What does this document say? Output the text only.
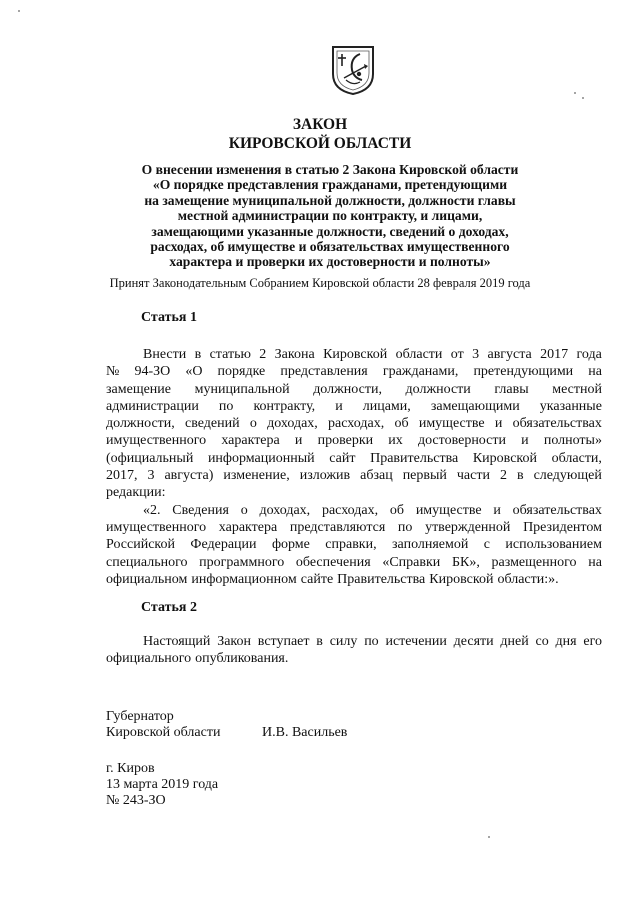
ЗАКОН
КИРОВСКОЙ ОБЛАСТИ
О внесении изменения в статью 2 Закона Кировской области
«О порядке представления гражданами, претендующими
на замещение муниципальной должности, должности главы
местной администрации по контракту, и лицами,
замещающими указанные должности, сведений о доходах,
расходах, об имуществе и обязательствах имущественного
характера и проверки их достоверности и полноты»
Принят Законодательным Собранием Кировской области 28 февраля 2019 года
Статья 1
Внести в статью 2 Закона Кировской области от 3 августа 2017 года
№ 94-ЗО «О порядке представления гражданами, претендующими на
замещение муниципальной должности, должности главы местной
администрации по контракту, и лицами, замещающими указанные
должности, сведений о доходах, расходах, об имуществе и обязательствах
имущественного характера и проверки их достоверности и полноты»
(официальный информационный сайт Правительства Кировской области,
2017, 3 августа) изменение, изложив абзац первый части 2 в следующей
редакции:
«2. Сведения о доходах, расходах, об имуществе и обязательствах
имущественного характера представляются по утвержденной Президентом
Российской Федерации форме справки, заполняемой с использованием
специального программного обеспечения «Справки БК», размещенного на
официальном информационном сайте Правительства Кировской области:».
Статья 2
Настоящий Закон вступает в силу по истечении десяти дней со дня его
официального опубликования.
Губернатор
Кировской области	И.В. Васильев
г. Киров
13 марта 2019 года
№ 243-ЗО
